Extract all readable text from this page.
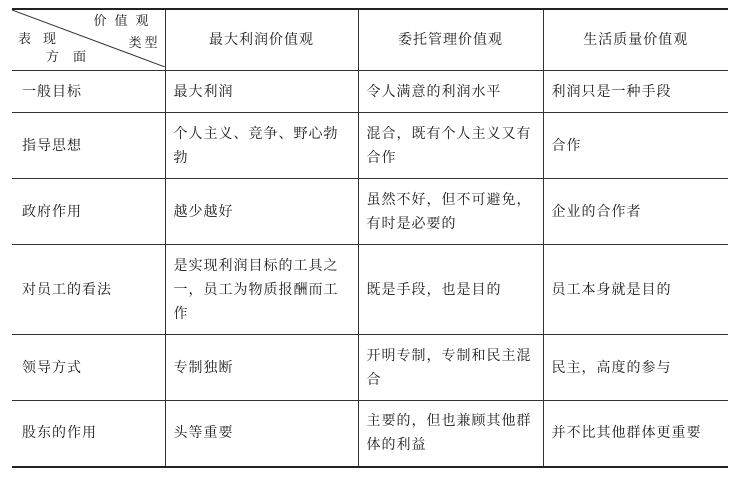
价值观
类型
表现
方面	最大利润价值观	委托管理价值观	生活质量价值观
一般目标	最大利润	令人满意的利润水平	利润只是一种手段
指导思想	个人主义、竞争、野心勃勃	混合，既有个人主义又有合作	合作
政府作用	越少越好	虽然不好，但不可避免，有时是必要的	企业的合作者
对员工的看法	是实现利润目标的工具之一，员工为物质报酬而工作	既是手段，也是目的	员工本身就是目的
领导方式	专制独断	开明专制，专制和民主混合	民主，高度的参与
股东的作用	头等重要	主要的，但也兼顾其他群体的利益	并不比其他群体更重要
